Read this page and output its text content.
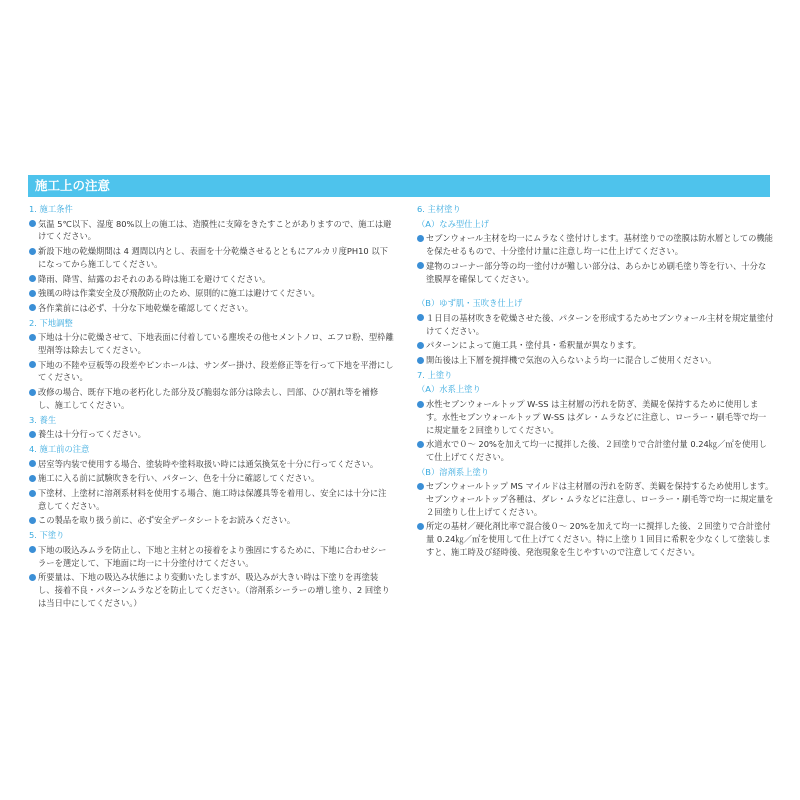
施工上の注意
1. 施工条件
気温 5℃以下、湿度 80%以上の施工は、造膜性に支障をきたすことがありますので、施工は避けてください。
新設下地の乾燥期間は 4 週間以内とし、表面を十分乾燥させるとともにアルカリ度PH10 以下になってから施工してください。
降雨、降雪、結露のおそれのある時は施工を避けてください。
強風の時は作業安全及び飛散防止のため、原則的に施工は避けてください。
各作業前には必ず、十分な下地乾燥を確認してください。
2. 下地調整
下地は十分に乾燥させて、下地表面に付着している塵埃その他セメントノロ、エフロ粉、型枠離型剤等は除去してください。
下地の不陸や豆板等の段差やピンホールは、サンダー掛け、段差修正等を行って下地を平滑にしてください。
改修の場合、既存下地の老朽化した部分及び脆弱な部分は除去し、凹部、ひび割れ等を補修し、施工してください。
3. 養生
養生は十分行ってください。
4. 施工前の注意
居室等内装で使用する場合、塗装時や塗料取扱い時には通気換気を十分に行ってください。
施工に入る前に試験吹きを行い、パターン、色を十分に確認してください。
下塗材、上塗材に溶剤系材料を使用する場合、施工時は保護具等を着用し、安全には十分に注意してください。
この製品を取り扱う前に、必ず安全データシートをお読みください。
5. 下塗り
下地の吸込みムラを防止し、下地と主材との接着をより強固にするために、下地に合わせシーラーを選定して、下地面に均一に十分塗付けてください。
所要量は、下地の吸込み状態により変動いたしますが、吸込みが大きい時は下塗りを再塗装し、接着不良・パターンムラなどを防止してください。（溶剤系シーラーの増し塗り、2 回塗りは当日中にしてください。）
6. 主材塗り
（A）なみ型仕上げ
セブンウォール主材を均一にムラなく塗付けします。基材塗りでの塗膜は防水層としての機能を保たせるもので、十分塗付け量に注意し均一に仕上げてください。
建物のコーナー部分等の均一塗付けが難しい部分は、あらかじめ刷毛塗り等を行い、十分な塗膜厚を確保してください。
（B）ゆず肌・玉吹き仕上げ
１日目の基材吹きを乾燥させた後、パターンを形成するためセブンウォール主材を規定量塗付けてください。
パターンによって施工具・塗付具・希釈量が異なります。
開缶後は上下層を撹拌機で気泡の入らないよう均一に混合しご使用ください。
7. 上塗り
（A）水系上塗り
水性セブンウォールトップ W-SS は主材層の汚れを防ぎ、美観を保持するために使用します。水性セブンウォールトップ W-SS はダレ・ムラなどに注意し、ローラー・刷毛等で均一に規定量を２回塗りしてください。
水道水で０～ 20%を加えて均一に撹拌した後、２回塗りで合計塗付量 0.24㎏／㎡を使用して仕上げてください。
（B）溶剤系上塗り
セブンウォールトップ MS マイルドは主材層の汚れを防ぎ、美観を保持するため使用します。セブンウォールトップ各種は、ダレ・ムラなどに注意し、ローラー・刷毛等で均一に規定量を２回塗りし仕上げてください。
所定の基材／硬化剤比率で混合後０～ 20%を加えて均一に撹拌した後、２回塗りで合計塗付量 0.24㎏／㎡を使用して仕上げてください。特に上塗り１回目に希釈を少なくして塗装しますと、施工時及び経時後、発泡現象を生じやすいので注意してください。
